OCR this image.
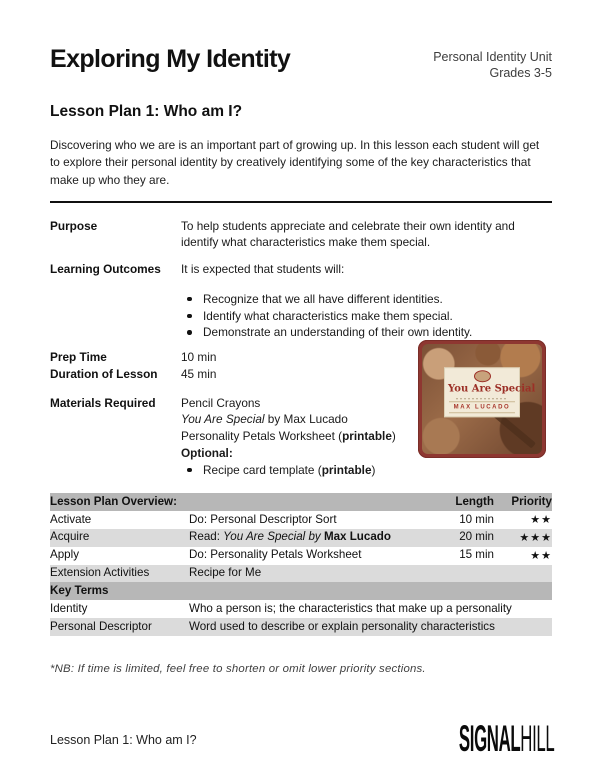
Exploring My Identity	Personal Identity Unit
Grades 3-5
Lesson Plan 1: Who am I?
Discovering who we are is an important part of growing up. In this lesson each student will get to explore their personal identity by creatively identifying some of the key characteristics that make up who they are.
Purpose	To help students appreciate and celebrate their own identity and identify what characteristics make them special.
Learning Outcomes	It is expected that students will:
Recognize that we all have different identities.
Identify what characteristics make them special.
Demonstrate an understanding of their own identity.
Prep Time	10 min
Duration of Lesson	45 min
Materials Required	Pencil Crayons
You Are Special by Max Lucado
Personality Petals Worksheet (printable)
Optional:
Recipe card template (printable)
You Are Special
MAX LUCADO
Lesson Plan Overview:		Length	Priority
Activate	Do: Personal Descriptor Sort	10 min	★★
Acquire	Read: You Are Special by Max Lucado	20 min	★★★
Apply	Do: Personality Petals Worksheet	15 min	★★
Extension Activities	Recipe for Me		
Key Terms			
Identity	Who a person is; the characteristics that make up a personality		
Personal Descriptor	Word used to describe or explain personality characteristics		
*NB: If time is limited, feel free to shorten or omit lower priority sections.
Lesson Plan 1: Who am I?	SIGNALHILL
